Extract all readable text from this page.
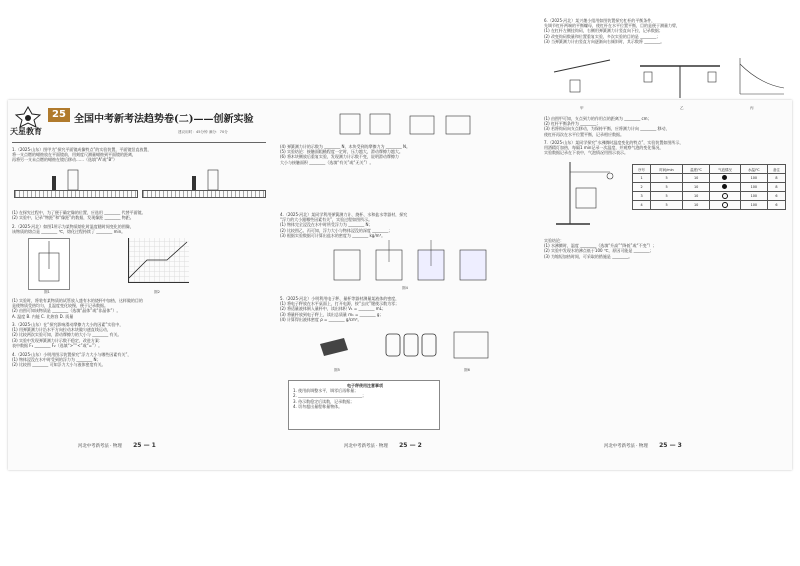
天星教育
25 全国中考新考法趋势卷(二)——创新实验
建议用时：45分钟 满分：70分
1.（2025·山东）图甲为“探究平面镜成像特点”的实验装置，平面镜竖直放置，
将一支点燃的蜡烛放在平面镜前，用刻度尺测量蜡烛到平面镜的距离，
再将另一支未点燃的蜡烛在镜后移动……（选填“A”或“B”）
(1) 在探究过程中，为了便于确定像的位置，应选用 ________ 代替平面镜。
(2) 实验中，记录“物距”和“像距”的数据，发现像距 ________ 物距。
2.（2025·河北）如图1所示为某物质熔化时温度随时间变化的图像，
该物质的熔点是 ________ ℃，熔化过程持续了 ________ min。
图1	图2
(1) 实验时，将装有某物质的试管放入盛有水的烧杯中加热，这样做的目的
是使物质受热均匀，且温度变化较慢，便于记录数据。
(2) 由图可知该物质是 ________（选填“晶体”或“非晶体”）。
A. 温度 B. 内能 C. 比热容 D. 质量
3.（2025·山东）在“探究影响滑动摩擦力大小的因素”实验中，
(1) 用弹簧测力计沿水平方向拉动木块做匀速直线运动，
(2) 比较两次实验可知，滑动摩擦力的大小与 ________ 有关。
(3) 实验中发现弹簧测力计示数不稳定，改进方案：
表中数据 F₁ ________ F₂（选填“>”“<”或“=”）。
4.（2025·山东）小明用图示装置探究“浮力大小与哪些因素有关”，
(1) 物体浸没在水中时受到的浮力为 ________ N；
(2) 比较图 ________ 可知浮力大小与液体密度有关。
河北中考新考法 · 物理 25 — 1
(4) 弹簧测力计的示数为 ________ N，木块受到的摩擦力为 ________ N。
(5) 实验结论：接触面粗糙程度一定时，压力越大，滑动摩擦力越大。
(6) 将木块侧放后重复实验，发现测力计示数不变，说明滑动摩擦力
大小与接触面积 ________（选填“有关”或“无关”）。
4.（2025·河北）某同学利用弹簧测力计、烧杯、水和盐水等器材，探究
“浮力的大小跟哪些因素有关”，实验过程如图所示。
(1) 物体完全浸没在水中时所受浮力为 ________ N；
(2) 比较图乙、丙可知，浮力大小与物体浸没的深度 ________；
(3) 根据实验数据可计算出盐水的密度为 ________ kg/m³。
图4
5.（2025·河北）小明利用电子秤、量杯等器材测量某液体的密度，
(1) 将电子秤放在水平桌面上，打开电源，按“去皮”键使示数为零；
(2) 将适量液体倒入量杯中，读出体积 V₁ = ________ mL；
(3) 将量杯放到电子秤上，读出总质量 m₁ = ________ g；
(4) 计算得出液体密度 ρ = ________ g/cm³。
图5	图6
电子秤使用注意事项
1. 使用前调整水平，调零后再称量；
2. ________________________________；
3. 待示数稳定后读数，记录数据；
4. 切勿超出量程称量物体。
河北中考新考法 · 物理 25 — 2
6.（2025·河北）某兴趣小组用如图装置探究杠杆的平衡条件，
先调节杠杆两端的平衡螺母，使杠杆在水平位置平衡，目的是便于测量力臂，
(1) 在杠杆左侧挂钩码，右侧用弹簧测力计竖直向下拉，记录数据；
(2) 改变钩码数量和位置重复实验，多次实验的目的是 ________；
(3) 当弹簧测力计由竖直方向逐渐向右倾斜时，其示数将 ________。
甲	乙	丙
(1) 由图甲可知，支点到力的作用点的距离为 ________ cm；
(2) 杠杆平衡条件为 ________；
(3) 若将钩码向支点移动，为保持平衡，应将测力计向 ________ 移动，
使杠杆再次在水平位置平衡，记录相应数据。
7.（2025·山东）某同学探究“水沸腾时温度变化的特点”，实验装置如图所示，
用酒精灯加热，每隔1 min记录一次温度，并观察气泡的变化情况，
实验数据记录在下表中，气泡情况用图示表示。
序号	时间/min	温度/℃	气泡情况	水温/℃	备注
1	5	10		100	8
2	5	10		100	8
3	5	10		100	6
4	5	10		100	6
实验结论：
(1) 水沸腾时，温度 ________（选填“升高”“降低”或“不变”）；
(2) 实验中发现水的沸点低于100 ℃，原因可能是 ________；
(3) 为缩短加热时间，可采取的措施是 ________。
河北中考新考法 · 物理 25 — 3
